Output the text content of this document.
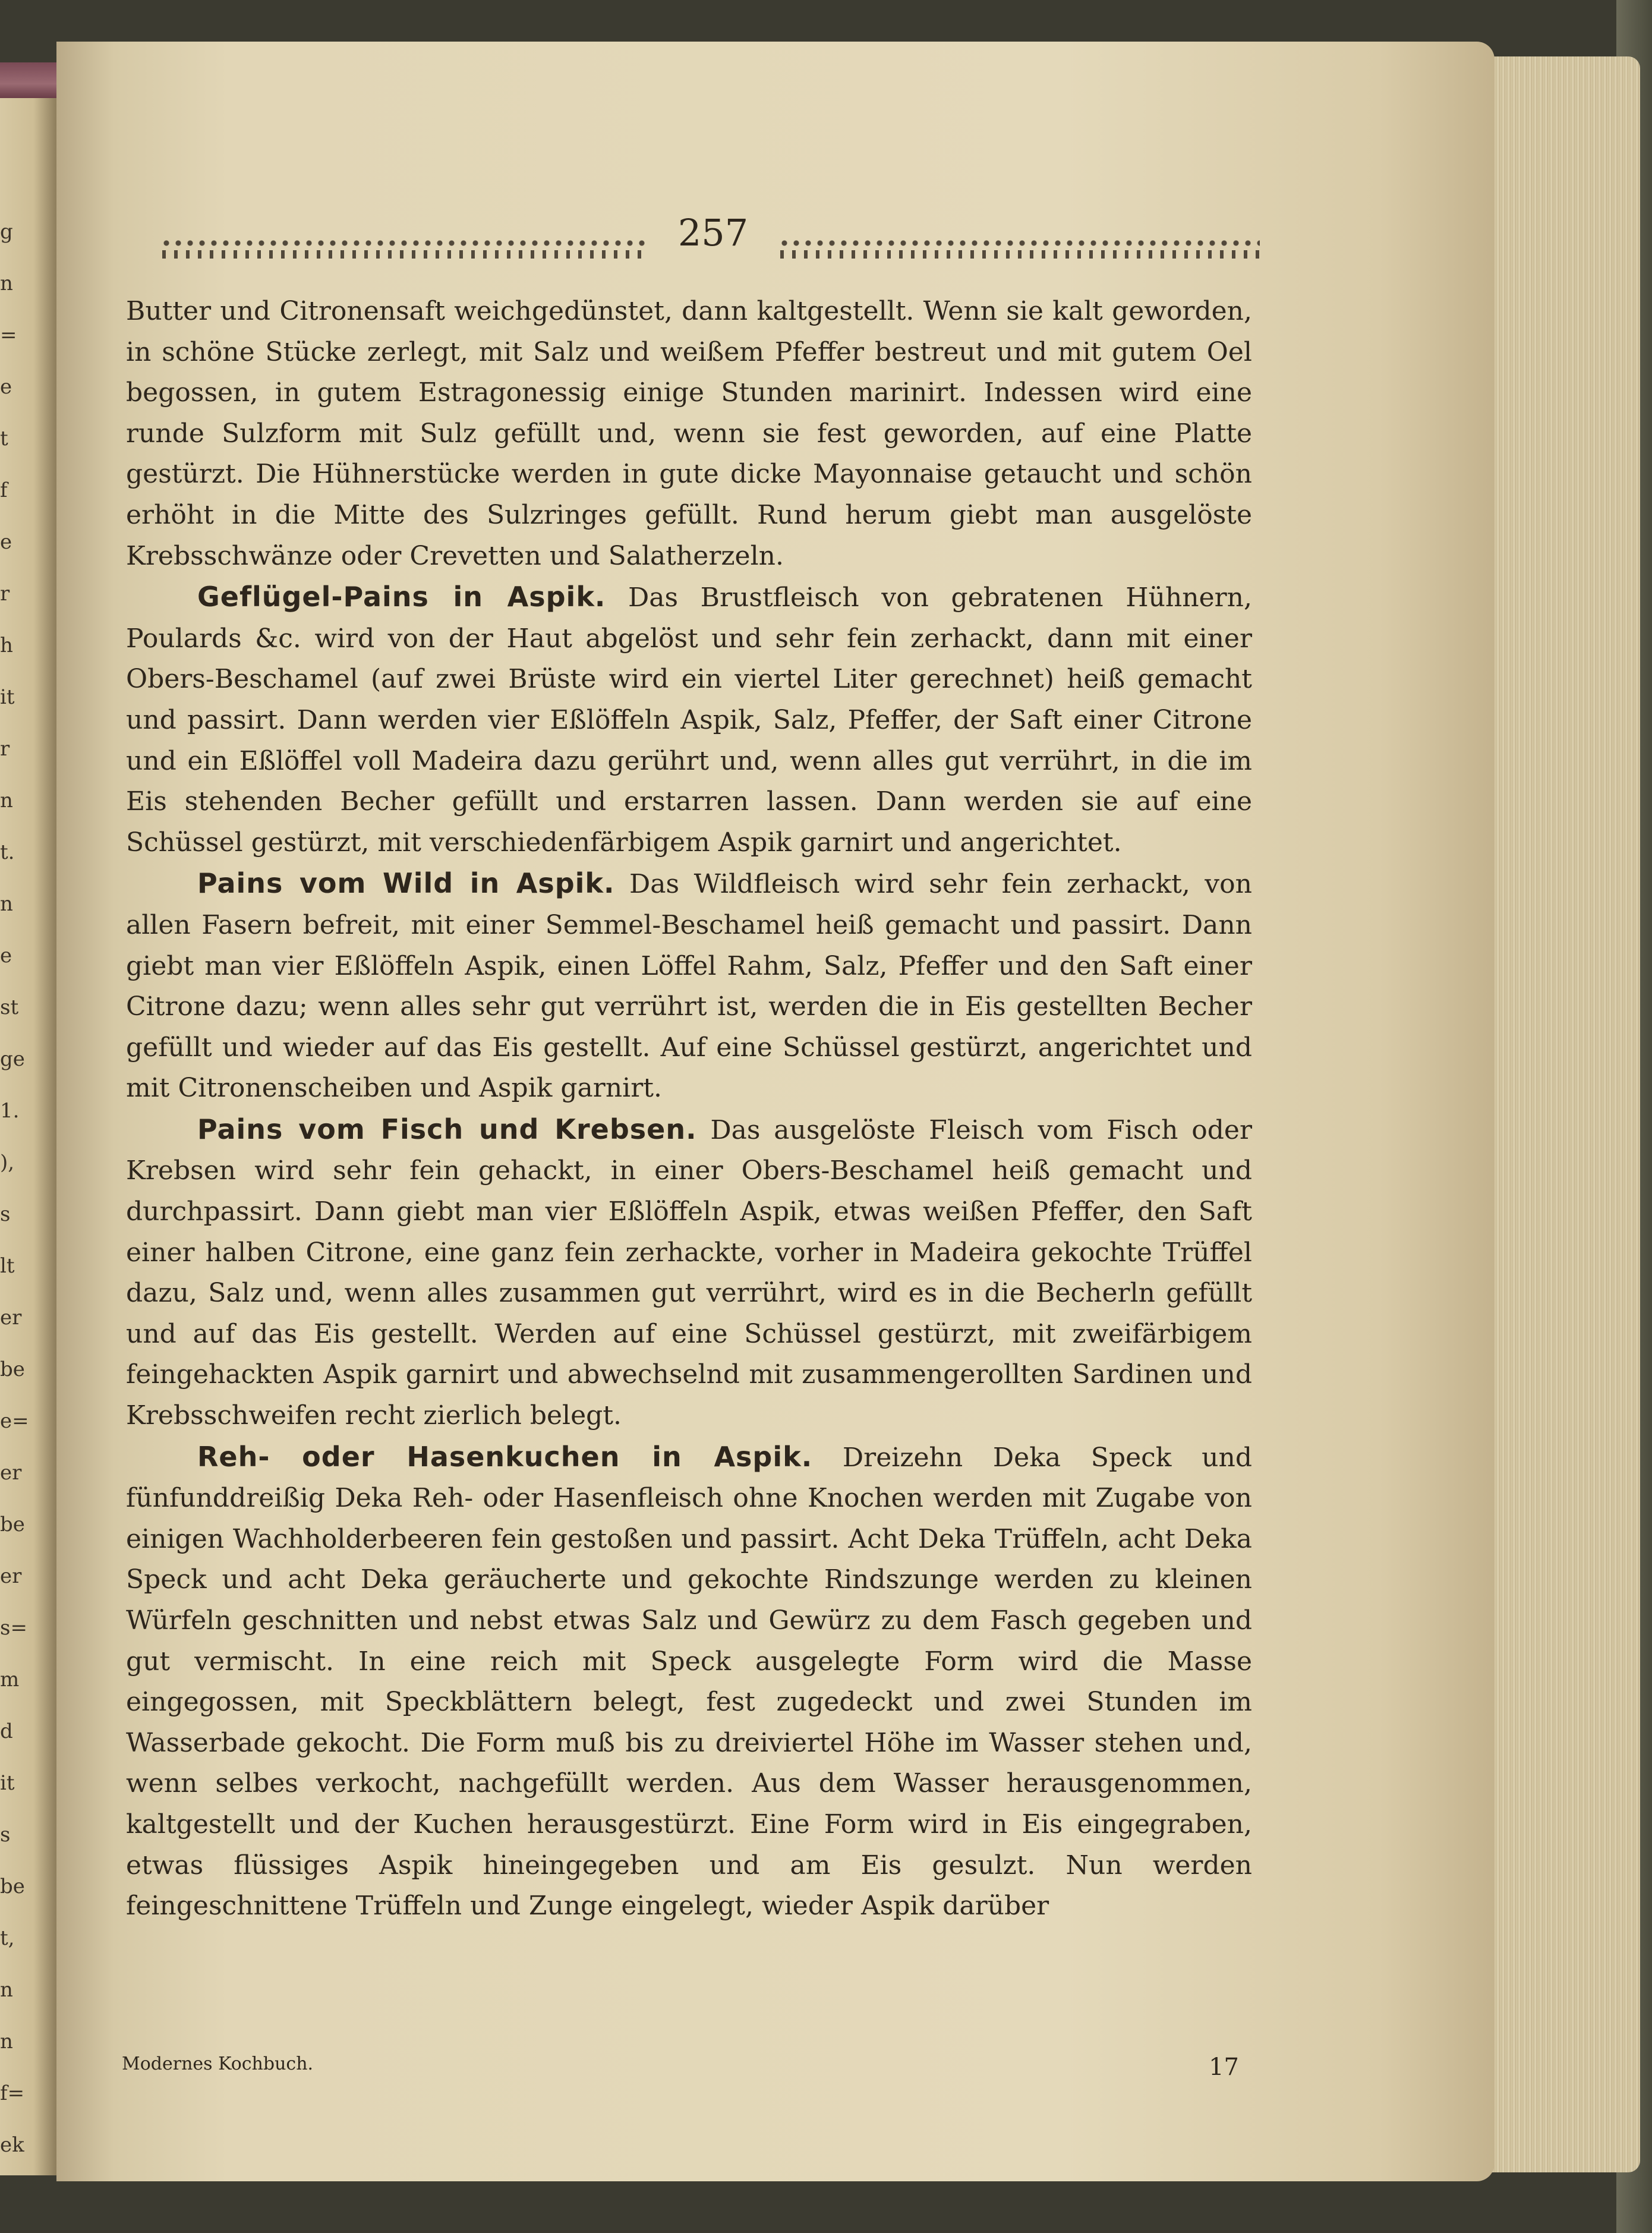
g
n
=
e
t
f
e
r
h
it
r
n
t.
n
e
st
ge
1.
),
s
lt
er
be
e=
er
be
er
s=
m
d
it
s
be
t,
n
n
f=
ek
257

Butter und Citronensaft weichgedünstet, dann kaltgestellt. Wenn sie kalt geworden, in schöne Stücke zerlegt, mit Salz und weißem Pfeffer bestreut und mit gutem Oel begossen, in gutem Estragonessig einige Stunden marinirt. Indessen wird eine runde Sulzform mit Sulz gefüllt und, wenn sie fest geworden, auf eine Platte gestürzt. Die Hühnerstücke werden in gute dicke Mayonnaise getaucht und schön erhöht in die Mitte des Sulzringes gefüllt. Rund herum giebt man ausgelöste Krebsschwänze oder Crevetten und Salatherzeln.

Geflügel-Pains in Aspik. Das Brustfleisch von gebratenen Hühnern, Poulards &c. wird von der Haut abgelöst und sehr fein zerhackt, dann mit einer Obers-Beschamel (auf zwei Brüste wird ein viertel Liter gerechnet) heiß gemacht und passirt. Dann werden vier Eßlöffeln Aspik, Salz, Pfeffer, der Saft einer Citrone und ein Eßlöffel voll Madeira dazu gerührt und, wenn alles gut verrührt, in die im Eis stehenden Becher gefüllt und erstarren lassen. Dann werden sie auf eine Schüssel gestürzt, mit verschiedenfärbigem Aspik garnirt und angerichtet.

Pains vom Wild in Aspik. Das Wildfleisch wird sehr fein zerhackt, von allen Fasern befreit, mit einer Semmel-Beschamel heiß gemacht und passirt. Dann giebt man vier Eßlöffeln Aspik, einen Löffel Rahm, Salz, Pfeffer und den Saft einer Citrone dazu; wenn alles sehr gut verrührt ist, werden die in Eis gestellten Becher gefüllt und wieder auf das Eis gestellt. Auf eine Schüssel gestürzt, angerichtet und mit Citronenscheiben und Aspik garnirt.

Pains vom Fisch und Krebsen. Das ausgelöste Fleisch vom Fisch oder Krebsen wird sehr fein gehackt, in einer Obers-Beschamel heiß gemacht und durchpassirt. Dann giebt man vier Eßlöffeln Aspik, etwas weißen Pfeffer, den Saft einer halben Citrone, eine ganz fein zerhackte, vorher in Madeira gekochte Trüffel dazu, Salz und, wenn alles zusammen gut verrührt, wird es in die Becherln gefüllt und auf das Eis gestellt. Werden auf eine Schüssel gestürzt, mit zweifärbigem feingehackten Aspik garnirt und abwechselnd mit zusammengerollten Sardinen und Krebsschweifen recht zierlich belegt.

Reh- oder Hasenkuchen in Aspik. Dreizehn Deka Speck und fünfunddreißig Deka Reh- oder Hasenfleisch ohne Knochen werden mit Zugabe von einigen Wachholderbeeren fein gestoßen und passirt. Acht Deka Trüffeln, acht Deka Speck und acht Deka geräucherte und gekochte Rindszunge werden zu kleinen Würfeln geschnitten und nebst etwas Salz und Gewürz zu dem Fasch gegeben und gut vermischt. In eine reich mit Speck ausgelegte Form wird die Masse eingegossen, mit Speckblättern belegt, fest zugedeckt und zwei Stunden im Wasserbade gekocht. Die Form muß bis zu dreiviertel Höhe im Wasser stehen und, wenn selbes verkocht, nachgefüllt werden. Aus dem Wasser herausgenommen, kaltgestellt und der Kuchen herausgestürzt. Eine Form wird in Eis eingegraben, etwas flüssiges Aspik hineingegeben und am Eis gesulzt. Nun werden feingeschnittene Trüffeln und Zunge eingelegt, wieder Aspik darüber

Modernes Kochbuch.	17
